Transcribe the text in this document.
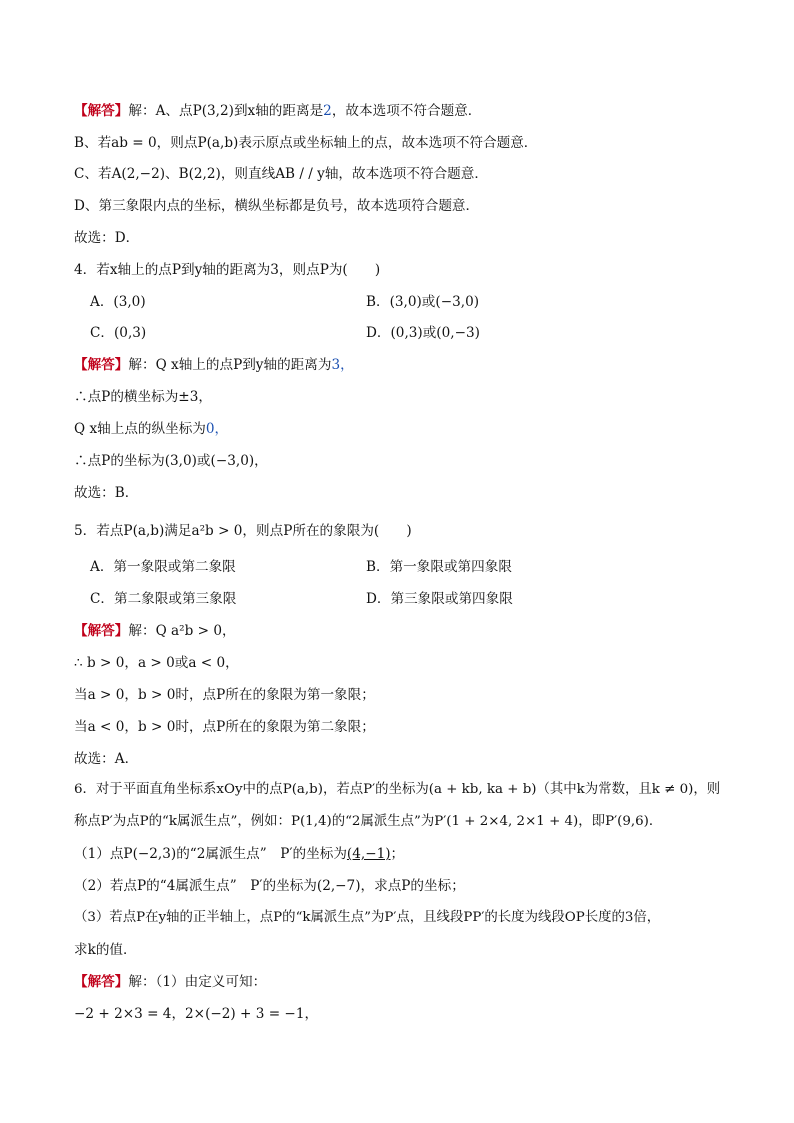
【解答】解：A、点P(3,2)到x轴的距离是2，故本选项不符合题意．
B、若ab = 0，则点P(a,b)表示原点或坐标轴上的点，故本选项不符合题意．
C、若A(2,−2)、B(2,2)，则直线AB / / y轴，故本选项不符合题意．
D、第三象限内点的坐标，横纵坐标都是负号，故本选项符合题意．
故选：D．
4．若x轴上的点P到y轴的距离为3，则点P为(　　)
A．(3,0)	B．(3,0)或(−3,0)
C．(0,3)	D．(0,3)或(0,−3)
【解答】解：Q x轴上的点P到y轴的距离为3，
∴点P的横坐标为±3，
Q x轴上点的纵坐标为0，
∴点P的坐标为(3,0)或(−3,0)，
故选：B．
5．若点P(a,b)满足a²b > 0，则点P所在的象限为(　　)
A．第一象限或第二象限	B．第一象限或第四象限
C．第二象限或第三象限	D．第三象限或第四象限
【解答】解：Q a²b > 0，
∴ b > 0，a > 0或a < 0，
当a > 0，b > 0时，点P所在的象限为第一象限；
当a < 0，b > 0时，点P所在的象限为第二象限；
故选：A．
6．对于平面直角坐标系xOy中的点P(a,b)，若点P′的坐标为(a + kb, ka + b)（其中k为常数，且k ≠ 0)，则
称点P′为点P的“k属派生点”，例如：P(1,4)的“2属派生点”为P′(1 + 2×4, 2×1 + 4)，即P′(9,6)．
（1）点P(−2,3)的“2属派生点”　P′的坐标为(4,−1)；
（2）若点P的“4属派生点”　P′的坐标为(2,−7)，求点P的坐标；
（3）若点P在y轴的正半轴上，点P的“k属派生点”为P′点，且线段PP′的长度为线段OP长度的3倍，
求k的值．
【解答】解：（1）由定义可知：
−2 + 2×3 = 4，2×(−2) + 3 = −1，
